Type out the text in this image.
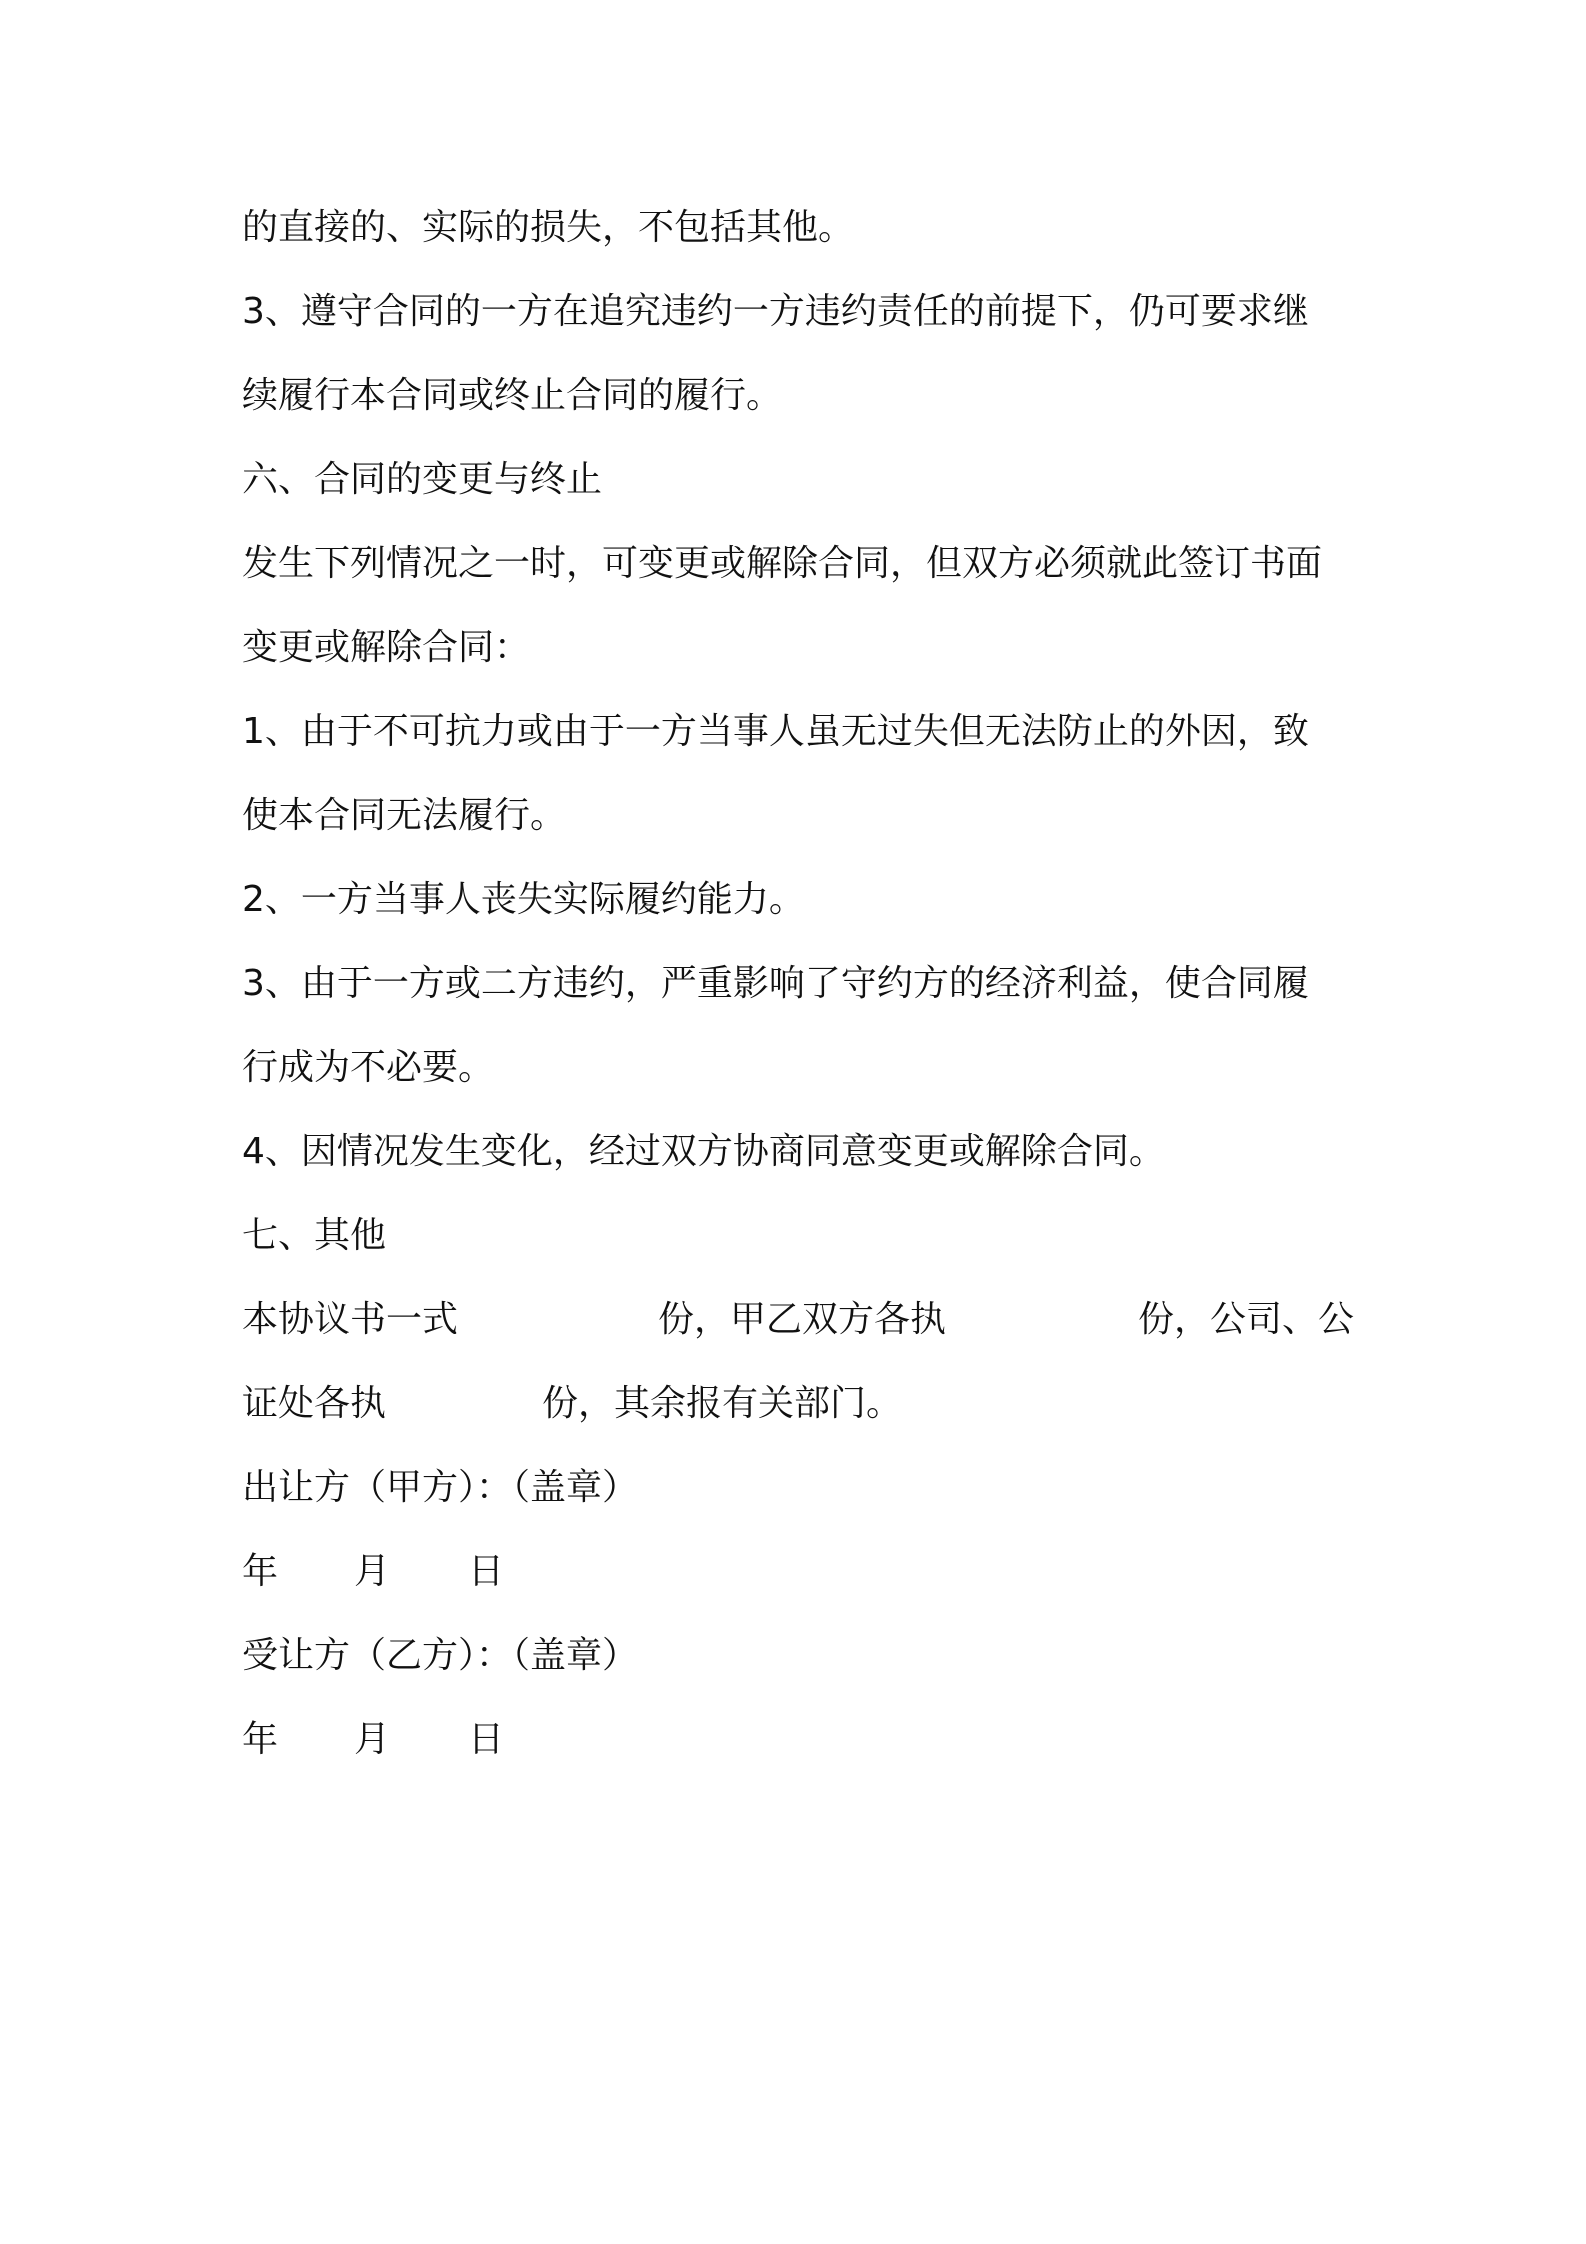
的直接的、实际的损失，不包括其他。
3、遵守合同的一方在追究违约一方违约责任的前提下，仍可要求继
续履行本合同或终止合同的履行。
六、合同的变更与终止
发生下列情况之一时，可变更或解除合同，但双方必须就此签订书面
变更或解除合同：
1、由于不可抗力或由于一方当事人虽无过失但无法防止的外因，致
使本合同无法履行。
2、一方当事人丧失实际履约能力。
3、由于一方或二方违约，严重影响了守约方的经济利益，使合同履
行成为不必要。
4、因情况发生变化，经过双方协商同意变更或解除合同。
七、其他
本协议书一式	份，甲乙双方各执	份，公司、公
证处各执	份，其余报有关部门。
出让方（甲方）：（盖章）
年 月 日
受让方（乙方）：（盖章）
年 月 日
